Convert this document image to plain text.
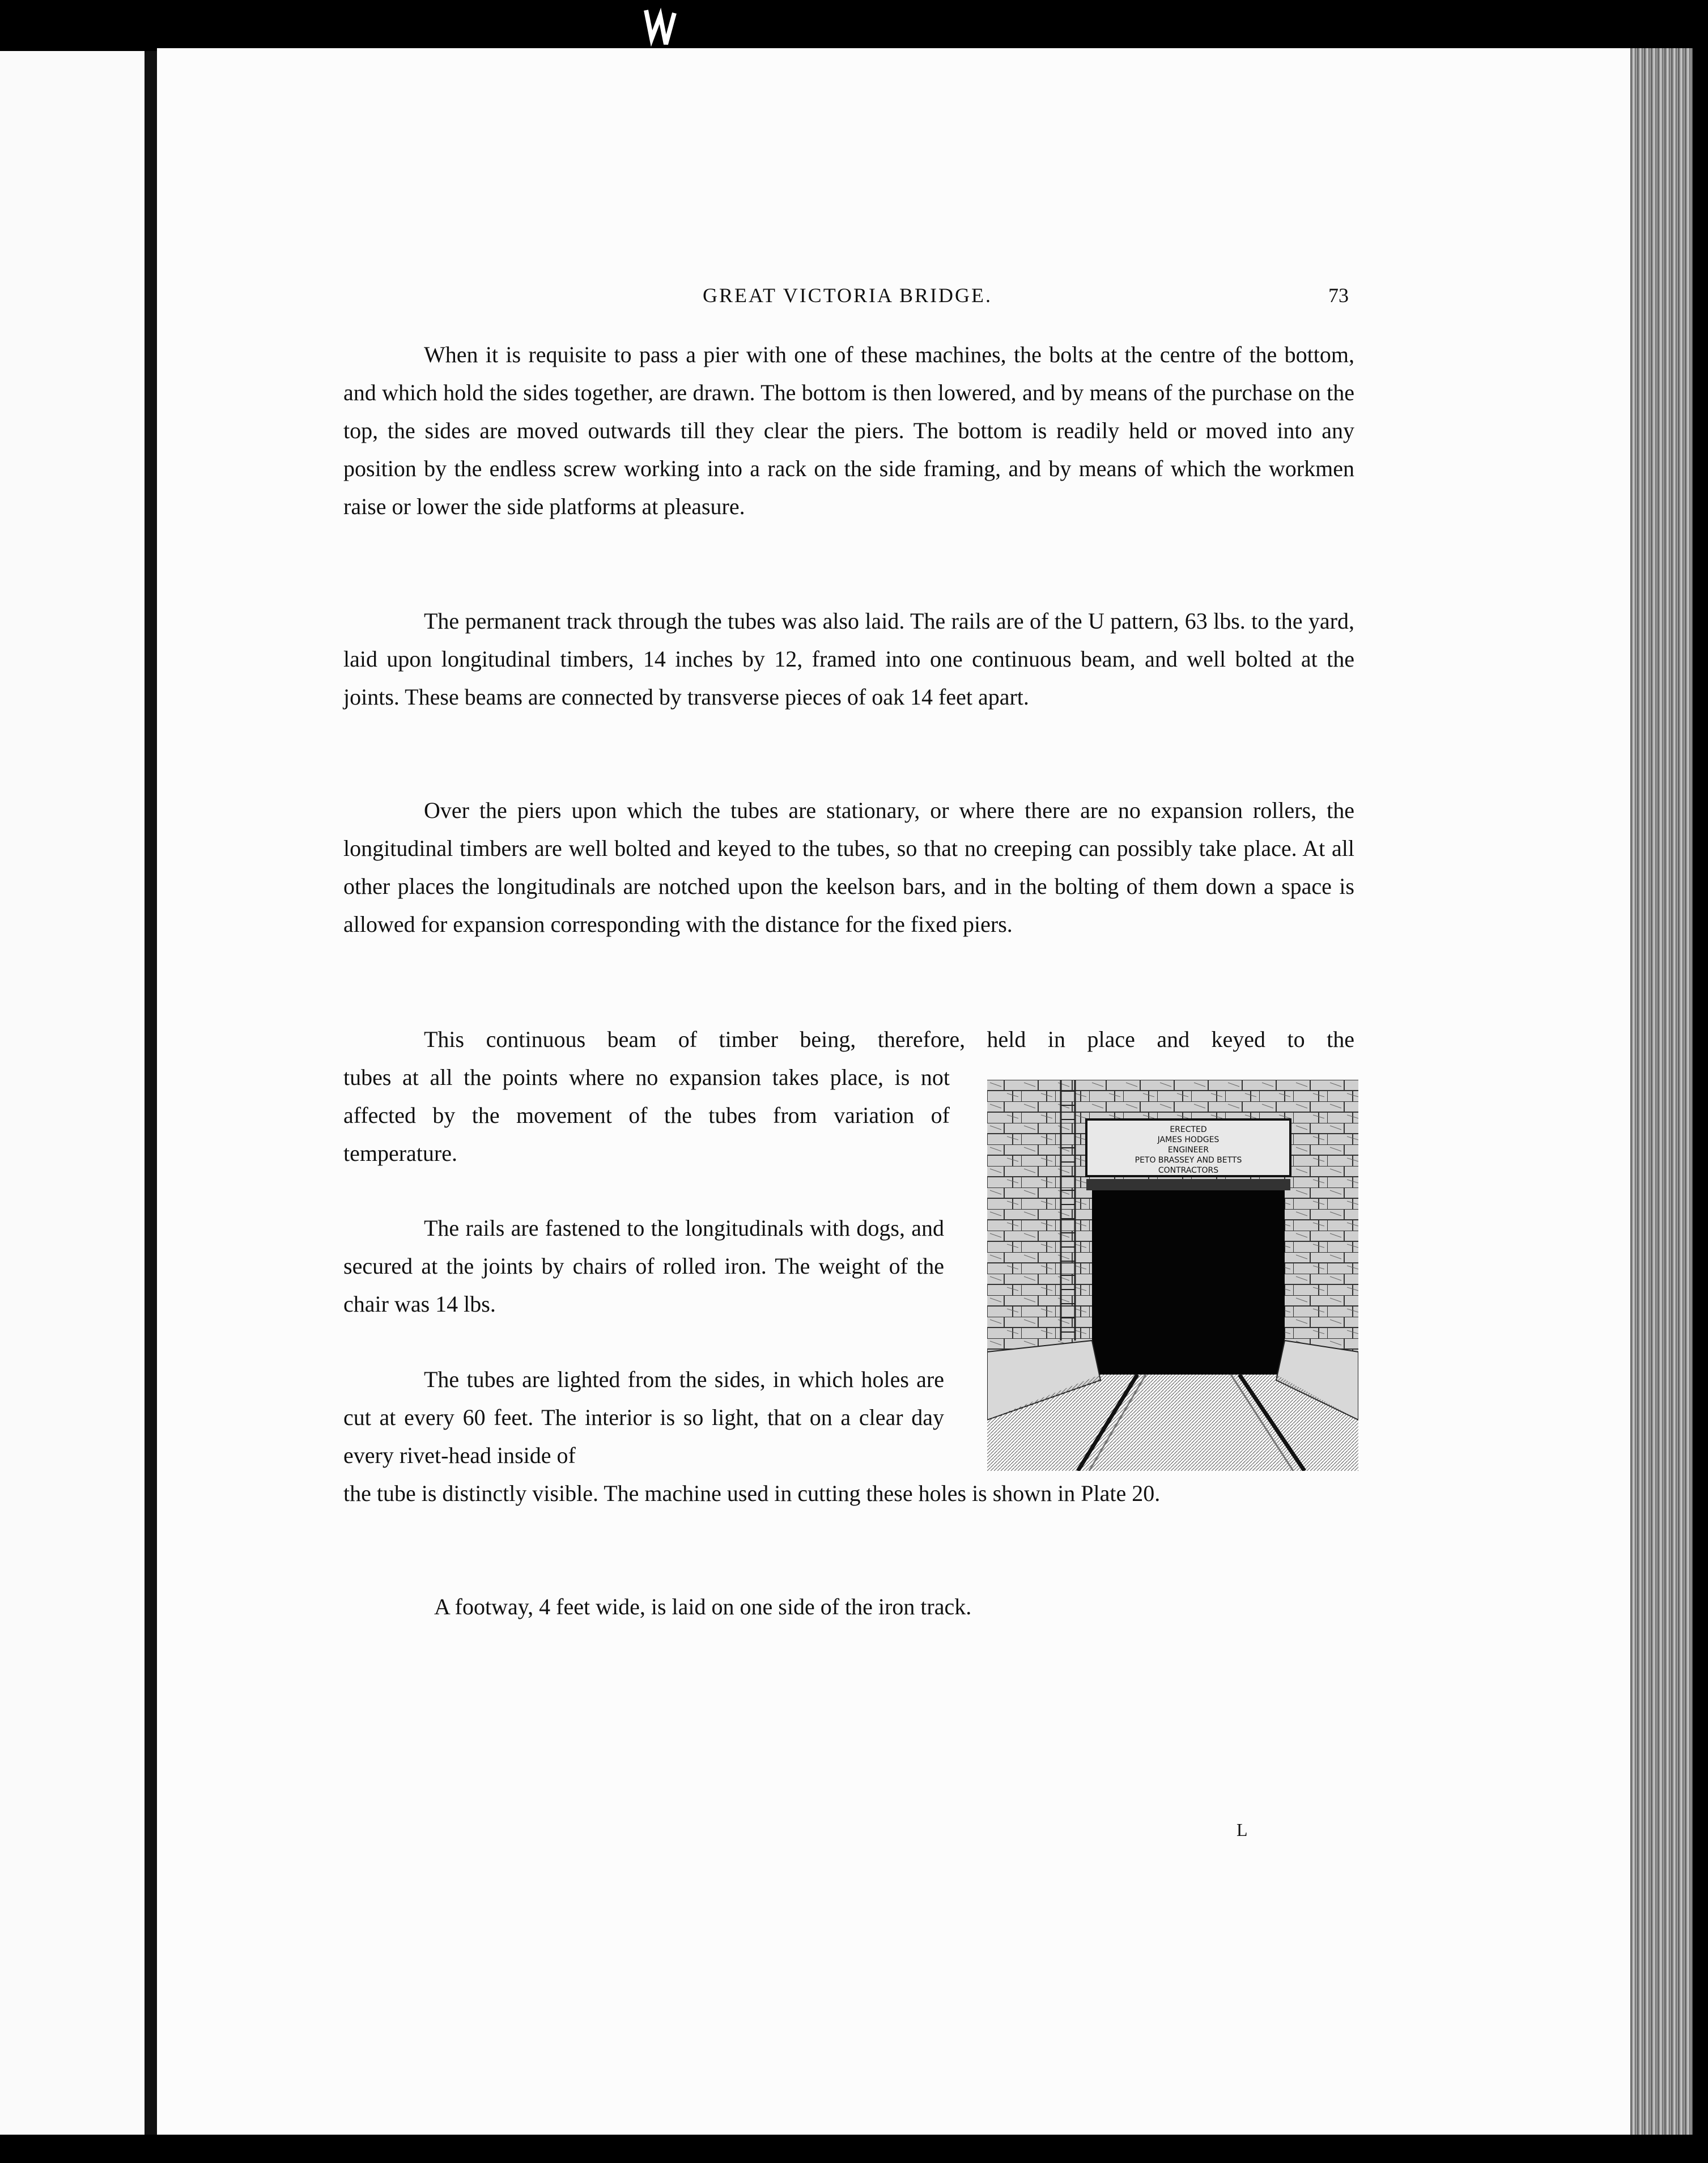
GREAT VICTORIA BRIDGE.	73

When it is requisite to pass a pier with one of these machines, the bolts at the centre of the bottom, and which hold the sides together, are drawn. The bottom is then lowered, and by means of the purchase on the top, the sides are moved outwards till they clear the piers. The bottom is readily held or moved into any position by the endless screw working into a rack on the side framing, and by means of which the workmen raise or lower the side platforms at pleasure.

The permanent track through the tubes was also laid. The rails are of the U pattern, 63 lbs. to the yard, laid upon longitudinal timbers, 14 inches by 12, framed into one continuous beam, and well bolted at the joints. These beams are connected by transverse pieces of oak 14 feet apart.

Over the piers upon which the tubes are stationary, or where there are no expansion rollers, the longitudinal timbers are well bolted and keyed to the tubes, so that no creeping can possibly take place. At all other places the longitudinals are notched upon the keelson bars, and in the bolting of them down a space is allowed for expansion corresponding with the distance for the fixed piers.

This continuous beam of timber being, therefore, held in place and keyed to the

tubes at all the points where no expansion takes place, is not affected by the movement of the tubes from variation of temperature.

The rails are fastened to the longitudinals with dogs, and secured at the joints by chairs of rolled iron. The weight of the chair was 14 lbs.

The tubes are lighted from the sides, in which holes are cut at every 60 feet. The interior is so light, that on a clear day every rivet-head inside of

the tube is distinctly visible. The machine used in cutting these holes is shown in Plate 20.

A footway, 4 feet wide, is laid on one side of the iron track.

L
ERECTED
JAMES HODGES
ENGINEER
PETO BRASSEY AND BETTS
CONTRACTORS
